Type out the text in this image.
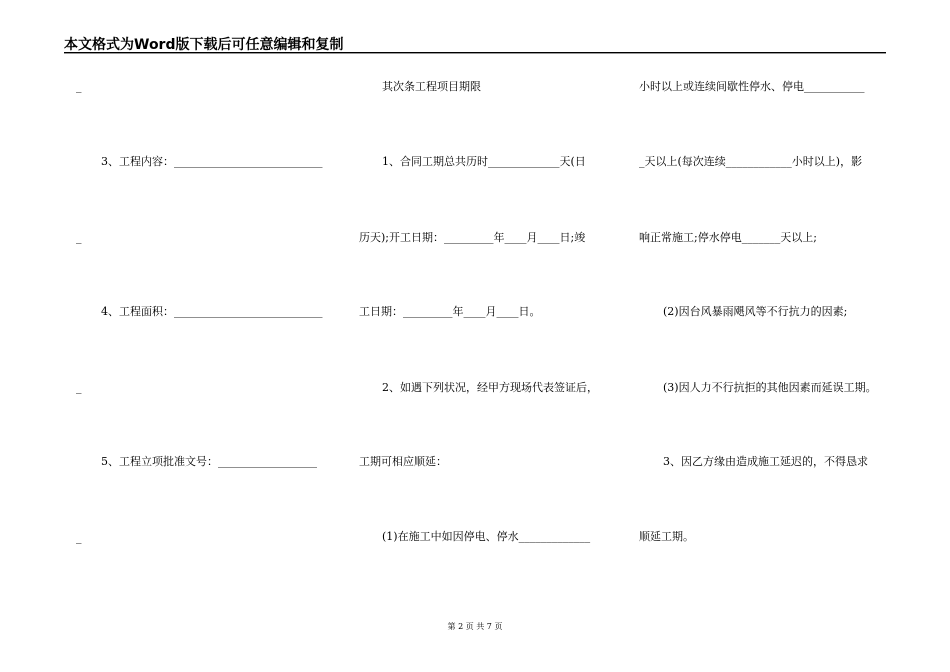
本文格式为Word版下载后可任意编辑和复制
_
3、工程内容：___________________________
_
4、工程面积：___________________________
_
5、工程立项批准文号：__________________
_
其次条工程项目期限
1、合同工期总共历时_____________天(日
历天);开工日期：_________年____月____日;竣
工日期：_________年____月____日。
2、如遇下列状况，经甲方现场代表签证后，
工期可相应顺延：
(1)在施工中如因停电、停水_____________
小时以上或连续间歇性停水、停电___________
_天以上(每次连续____________小时以上)，影
响正常施工;停水停电_______天以上;
(2)因台风暴雨飓风等不行抗力的因素;
(3)因人力不行抗拒的其他因素而延误工期。
3、因乙方缘由造成施工延迟的，不得恳求
顺延工期。
第 2 页 共 7 页
